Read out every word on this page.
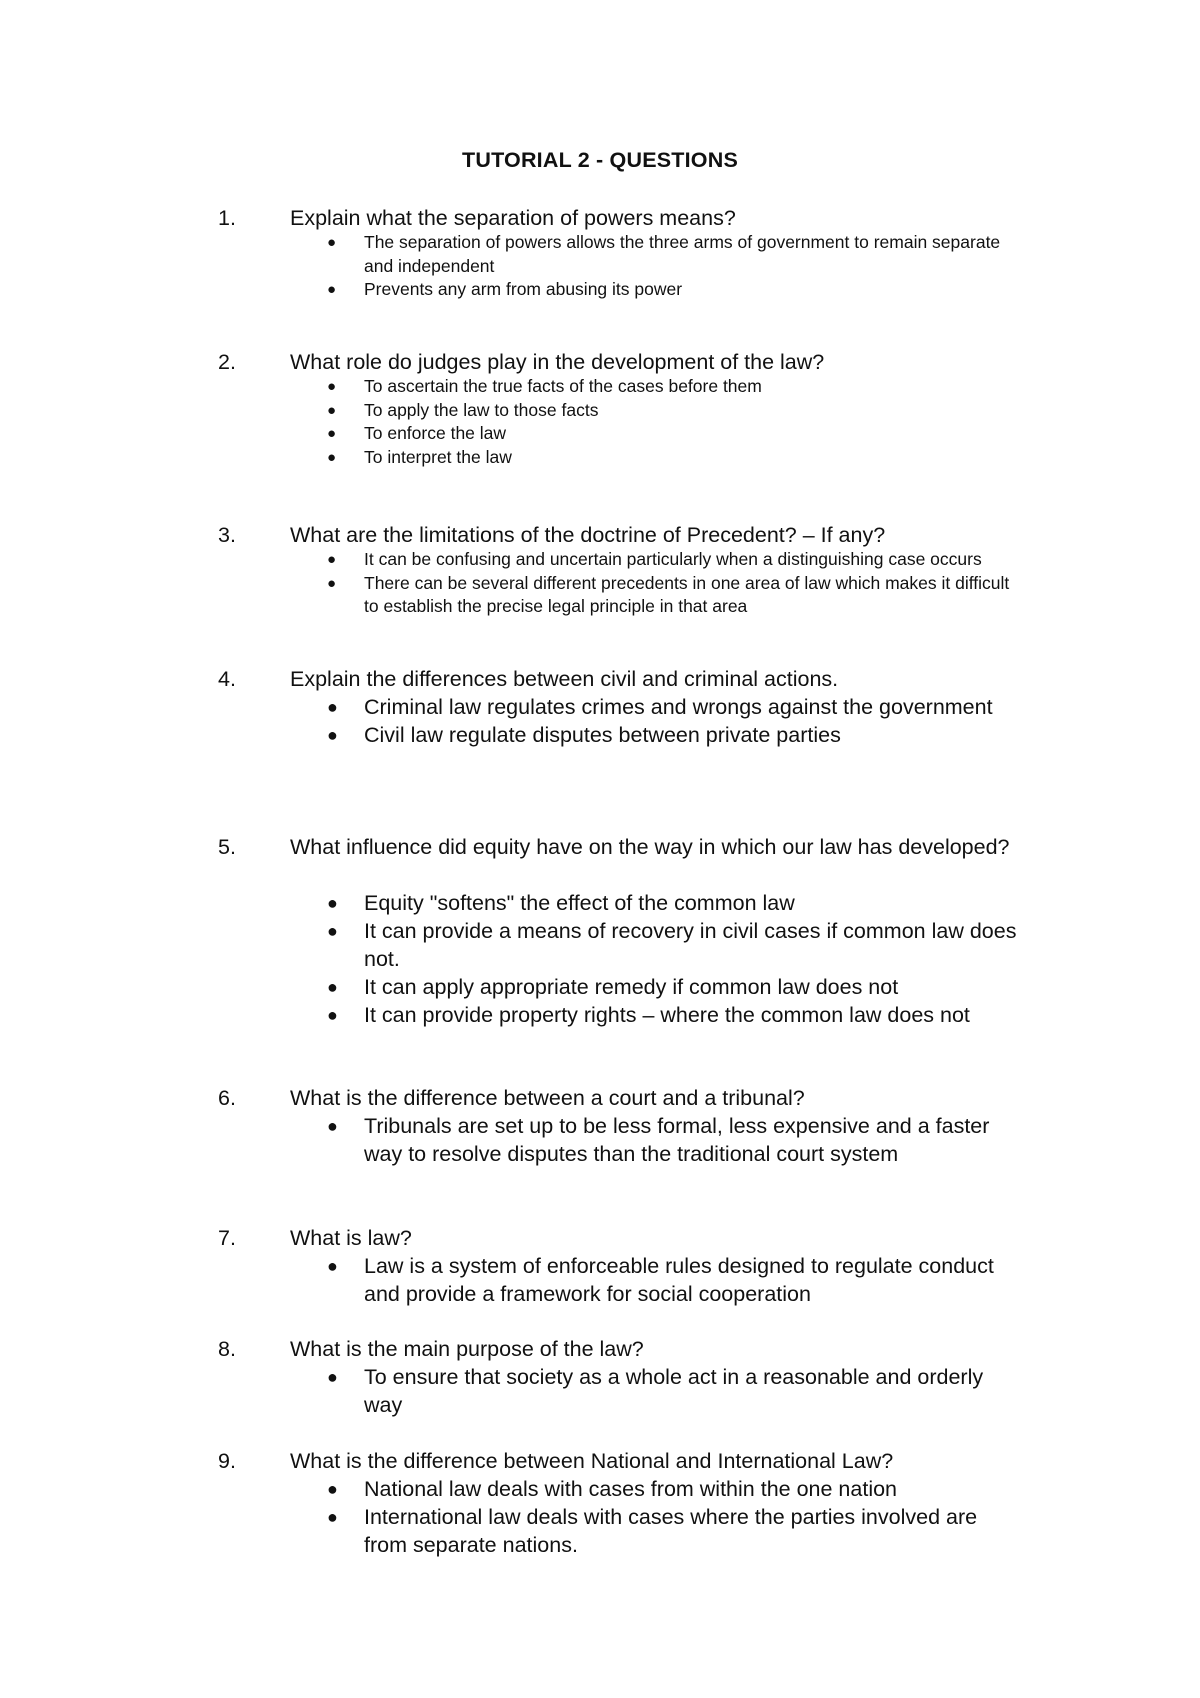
TUTORIAL 2 - QUESTIONS
1.	Explain what the separation of powers means?
● The separation of powers allows the three arms of government to remain separate and independent
● Prevents any arm from abusing its power
2.	What role do judges play in the development of the law?
● To ascertain the true facts of the cases before them
● To apply the law to those facts
● To enforce the law
● To interpret the law
3.	What are the limitations of the doctrine of Precedent? – If any?
● It can be confusing and uncertain particularly when a distinguishing case occurs
● There can be several different precedents in one area of law which makes it difficult to establish the precise legal principle in that area
4.	Explain the differences between civil and criminal actions.
● Criminal law regulates crimes and wrongs against the government
● Civil law regulate disputes between private parties
5.	What influence did equity have on the way in which our law has developed?
● Equity "softens" the effect of the common law
● It can provide a means of recovery in civil cases if common law does not.
● It can apply appropriate remedy if common law does not
● It can provide property rights – where the common law does not
6.	What is the difference between a court and a tribunal?
● Tribunals are set up to be less formal, less expensive and a faster way to resolve disputes than the traditional court system
7.	What is law?
● Law is a system of enforceable rules designed to regulate conduct and provide a framework for social cooperation
8.	What is the main purpose of the law?
● To ensure that society as a whole act in a reasonable and orderly way
9.	What is the difference between National and International Law?
● National law deals with cases from within the one nation
● International law deals with cases where the parties involved are from separate nations.
